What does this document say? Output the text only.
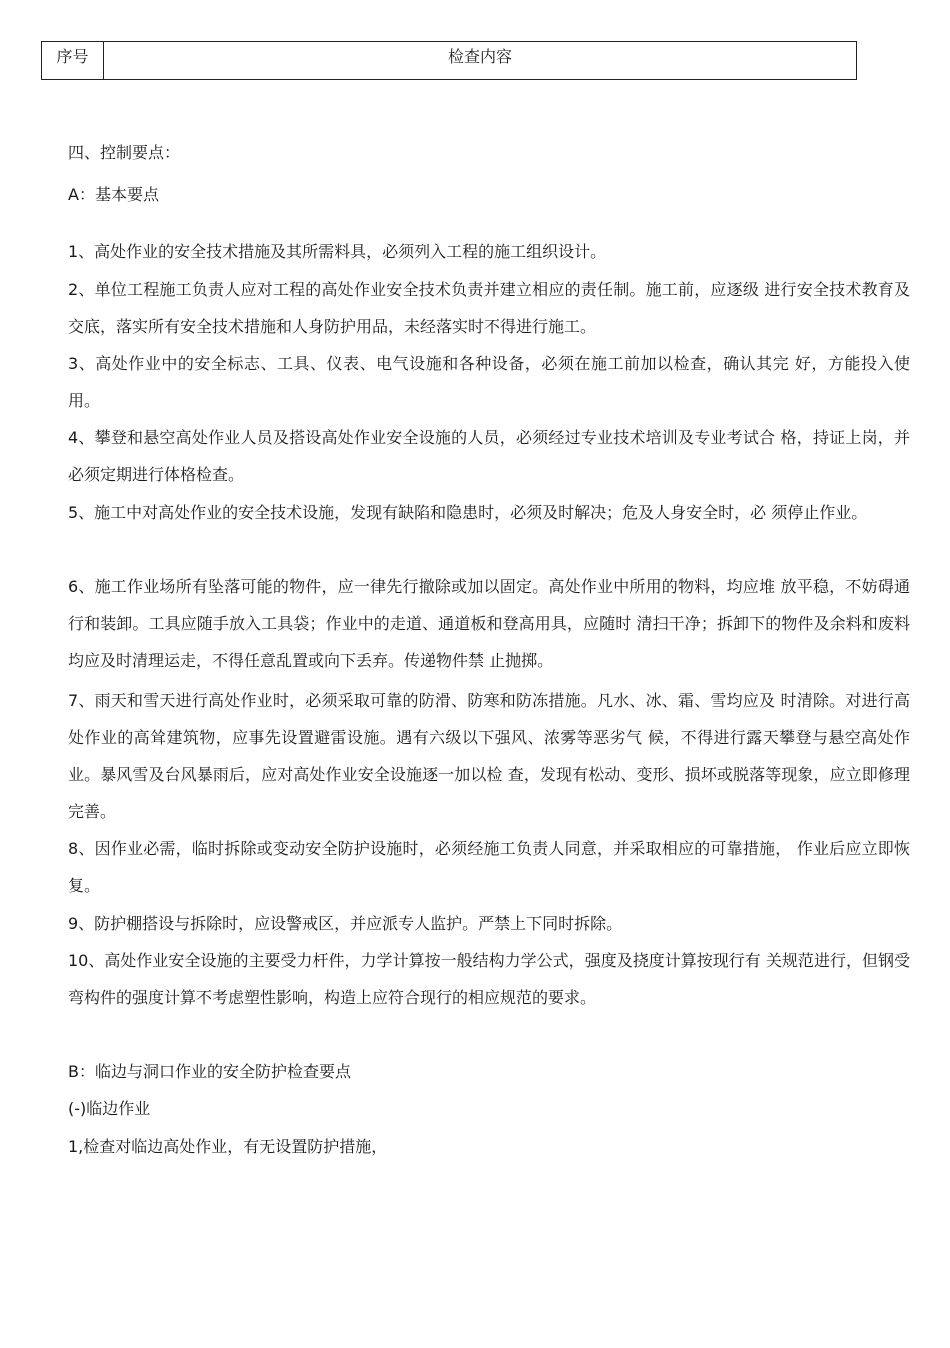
序号	检查内容
四、控制要点：
A：基本要点
1、高处作业的安全技术措施及其所需料具，必须列入工程的施工组织设计。
2、单位工程施工负责人应对工程的高处作业安全技术负责并建立相应的责任制。施工前，应逐级 进行安全技术教育及交底，落实所有安全技术措施和人身防护用品，未经落实时不得进行施工。
3、高处作业中的安全标志、工具、仪表、电气设施和各种设备，必须在施工前加以检查，确认其完 好，方能投入使用。
4、攀登和悬空高处作业人员及搭设高处作业安全设施的人员，必须经过专业技术培训及专业考试合 格，持证上岗，并必须定期进行体格检查。
5、施工中对高处作业的安全技术设施，发现有缺陷和隐患时，必须及时解决；危及人身安全时，必 须停止作业。
6、施工作业场所有坠落可能的物件，应一律先行撤除或加以固定。高处作业中所用的物料，均应堆 放平稳，不妨碍通行和装卸。工具应随手放入工具袋；作业中的走道、通道板和登高用具，应随时 清扫干净；拆卸下的物件及余料和废料均应及时清理运走，不得任意乱置或向下丢弃。传递物件禁 止抛掷。
7、雨天和雪天进行高处作业时，必须采取可靠的防滑、防寒和防冻措施。凡水、冰、霜、雪均应及 时清除。对进行高处作业的高耸建筑物，应事先设置避雷设施。遇有六级以下强风、浓雾等恶劣气 候，不得进行露天攀登与悬空高处作业。暴风雪及台风暴雨后，应对高处作业安全设施逐一加以检 查，发现有松动、变形、损坏或脱落等现象，应立即修理完善。
8、因作业必需，临时拆除或变动安全防护设施时，必须经施工负责人同意，并采取相应的可靠措施， 作业后应立即恢复。
9、防护棚搭设与拆除时，应设警戒区，并应派专人监护。严禁上下同时拆除。
10、高处作业安全设施的主要受力杆件，力学计算按一般结构力学公式，强度及挠度计算按现行有 关规范进行，但钢受弯构件的强度计算不考虑塑性影响，构造上应符合现行的相应规范的要求。
B：临边与洞口作业的安全防护检查要点
(-)临边作业
1,检查对临边高处作业，有无设置防护措施，
